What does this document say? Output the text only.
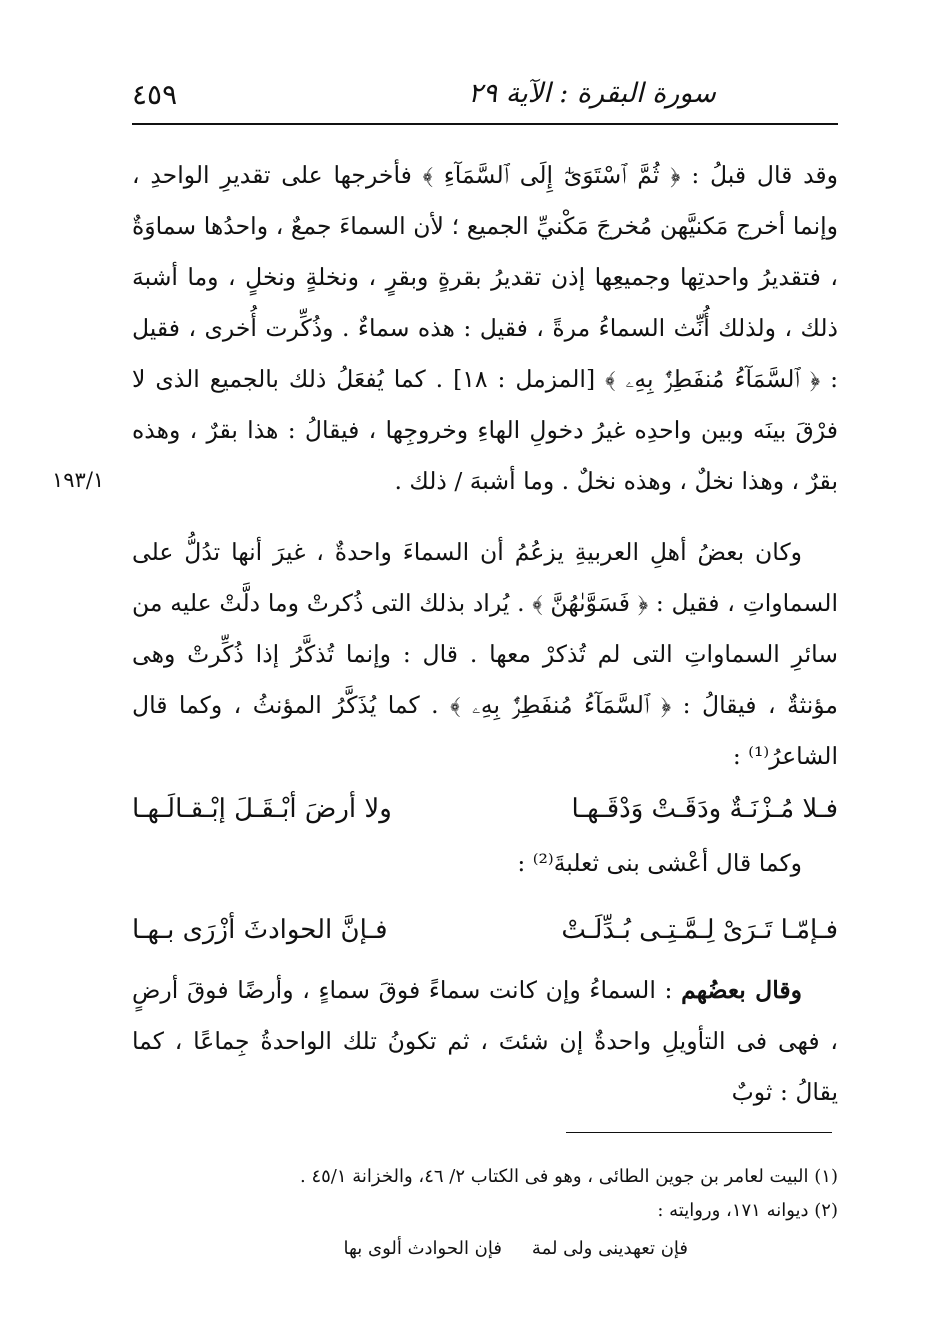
٤٥٩	سورة البقرة : الآية ٢٩
١٩٣/١

وقد قال قبلُ : ﴿ ثُمَّ ٱسْتَوَىٰٓ إِلَى ٱلسَّمَآءِ ﴾ فأخرجها على تقديرِ الواحدِ ، وإنما أخرج مَكنيَّهن مُخرجَ مَكْنيِّ الجميع ؛ لأن السماءَ جمعٌ ، واحدُها سماوَةٌ ، فتقديرُ واحدتِها وجميعِها إذن تقديرُ بقرةٍ وبقرٍ ، ونخلةٍ ونخلٍ ، وما أشبهَ ذلك ، ولذلك أُنِّث السماءُ مرةً ، فقيل : هذه سماءٌ . وذُكِّرت أُخرى ، فقيل : ﴿ ٱلسَّمَآءُ مُنفَطِرٌۢ بِهِۦ ﴾ [المزمل : ١٨] . كما يُفعَلُ ذلك بالجميع الذى لا فرْقَ بينَه وبين واحدِه غيرُ دخولِ الهاءِ وخروجِها ، فيقالُ : هذا بقرٌ ، وهذه بقرٌ ، وهذا نخلٌ ، وهذه نخلٌ . وما أشبهَ / ذلك .

وكان بعضُ أهلِ العربيةِ يزعُمُ أن السماءَ واحدةٌ ، غيرَ أنها تدُلُّ على السماواتِ ، فقيل : ﴿ فَسَوَّىٰهُنَّ ﴾ . يُراد بذلك التى ذُكرتْ وما دلَّتْ عليه من سائرِ السماواتِ التى لم تُذكرْ معها . قال : وإنما تُذكَّرُ إذا ذُكِّرتْ وهى مؤنثةٌ ، فيقالُ : ﴿ ٱلسَّمَآءُ مُنفَطِرٌۢ بِهِۦ ﴾ . كما يُذَكَّرُ المؤنثُ ، وكما قال الشاعرُ⁽¹⁾ :

فـلا مُـزْنَـةٌ ودَقَـتْ وَدْقَـهـا
ولا أرضَ أبْـقَـلَ إبْـقـالَـهـا

وكما قال أعْشى بنى ثعلبةَ⁽²⁾ :

فـإمّـا تَـرَىْ لِـمَّـتِـى بُـدِّلَـتْ
فـإنَّ الحوادثَ أزْرَى بـهـا

وقال بعضُهم : السماءُ وإن كانت سماءً فوقَ سماءٍ ، وأرضًا فوقَ أرضٍ ، فهى فى التأويلِ واحدةٌ إن شئتَ ، ثم تكونُ تلك الواحدةُ جِماعًا ، كما يقالُ : ثوبٌ

(١) البيت لعامر بن جوين الطائى ، وهو فى الكتاب ٢/ ٤٦، والخزانة ٤٥/١ .

(٢) ديوانه ١٧١، وروايته :

فإن تعهدينى ولى لمة
فإن الحوادث ألوى بها
